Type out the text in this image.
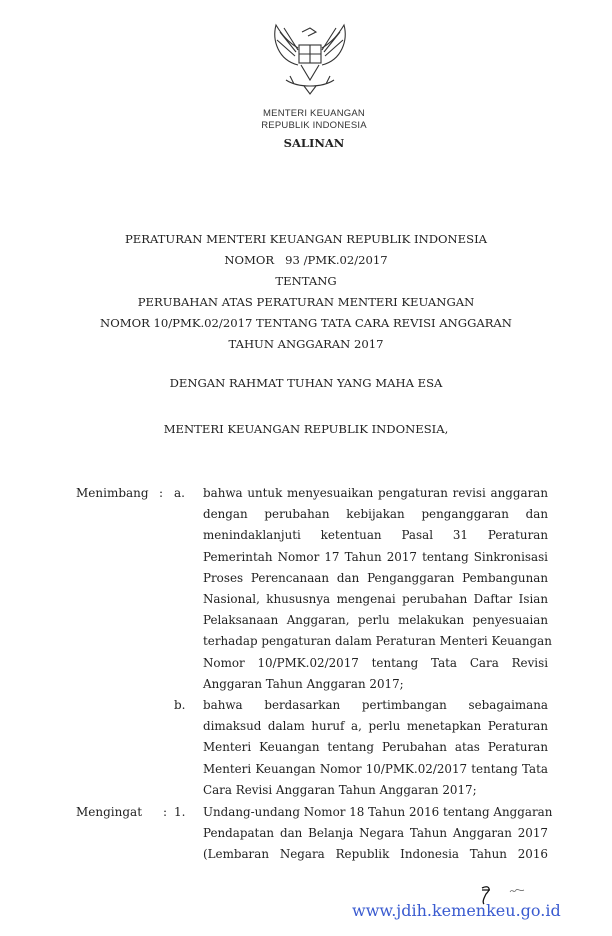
MENTERI KEUANGAN
REPUBLIK INDONESIA
SALINAN
PERATURAN MENTERI KEUANGAN REPUBLIK INDONESIA
NOMOR   93 /PMK.02/2017
TENTANG
PERUBAHAN ATAS PERATURAN MENTERI KEUANGAN
NOMOR 10/PMK.02/2017 TENTANG TATA CARA REVISI ANGGARAN
TAHUN ANGGARAN 2017
DENGAN RAHMAT TUHAN YANG MAHA ESA
MENTERI KEUANGAN REPUBLIK INDONESIA,
Menimbang : a.
b.
bahwa untuk menyesuaikan pengaturan revisi anggaran
dengan perubahan kebijakan penganggaran dan
menindaklanjuti ketentuan Pasal 31 Peraturan
Pemerintah Nomor 17 Tahun 2017 tentang Sinkronisasi
Proses Perencanaan dan Penganggaran Pembangunan
Nasional, khususnya mengenai perubahan Daftar Isian
Pelaksanaan Anggaran, perlu melakukan penyesuaian
terhadap pengaturan dalam Peraturan Menteri Keuangan
Nomor 10/PMK.02/2017 tentang Tata Cara Revisi
Anggaran Tahun Anggaran 2017;
bahwa berdasarkan pertimbangan sebagaimana
dimaksud dalam huruf a, perlu menetapkan Peraturan
Menteri Keuangan tentang Perubahan atas Peraturan
Menteri Keuangan Nomor 10/PMK.02/2017 tentang Tata
Cara Revisi Anggaran Tahun Anggaran 2017;
Mengingat : 1. Undang-undang Nomor 18 Tahun 2016 tentang Anggaran
Pendapatan dan Belanja Negara Tahun Anggaran 2017
(Lembaran Negara Republik Indonesia Tahun 2016
www.jdih.kemenkeu.go.id
